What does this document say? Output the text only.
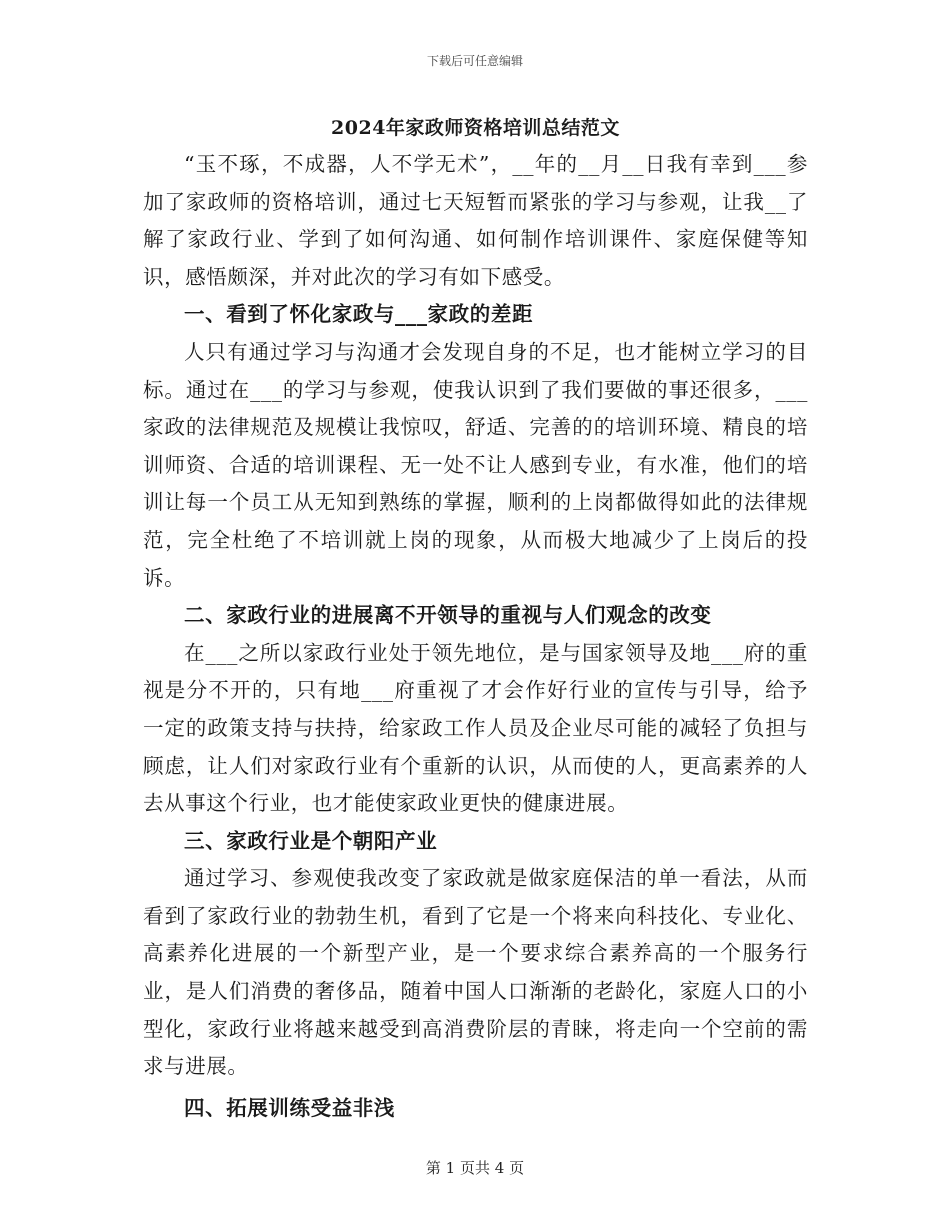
下载后可任意编辑
2024年家政师资格培训总结范文

“玉不琢，不成器，人不学无术”，__年的__月__日我有幸到___参加了家政师的资格培训，通过七天短暂而紧张的学习与参观，让我__了解了家政行业、学到了如何沟通、如何制作培训课件、家庭保健等知识，感悟颇深，并对此次的学习有如下感受。

一、看到了怀化家政与___家政的差距

人只有通过学习与沟通才会发现自身的不足，也才能树立学习的目标。通过在___的学习与参观，使我认识到了我们要做的事还很多，___家政的法律规范及规模让我惊叹，舒适、完善的的培训环境、精良的培训师资、合适的培训课程、无一处不让人感到专业，有水准，他们的培训让每一个员工从无知到熟练的掌握，顺利的上岗都做得如此的法律规范，完全杜绝了不培训就上岗的现象，从而极大地减少了上岗后的投诉。

二、家政行业的进展离不开领导的重视与人们观念的改变

在___之所以家政行业处于领先地位，是与国家领导及地___府的重视是分不开的，只有地___府重视了才会作好行业的宣传与引导，给予一定的政策支持与扶持，给家政工作人员及企业尽可能的减轻了负担与顾虑，让人们对家政行业有个重新的认识，从而使的人，更高素养的人去从事这个行业，也才能使家政业更快的健康进展。

三、家政行业是个朝阳产业

通过学习、参观使我改变了家政就是做家庭保洁的单一看法，从而看到了家政行业的勃勃生机，看到了它是一个将来向科技化、专业化、高素养化进展的一个新型产业，是一个要求综合素养高的一个服务行业，是人们消费的奢侈品，随着中国人口渐渐的老龄化，家庭人口的小型化，家政行业将越来越受到高消费阶层的青睐，将走向一个空前的需求与进展。

四、拓展训练受益非浅

第 1 页共 4 页
